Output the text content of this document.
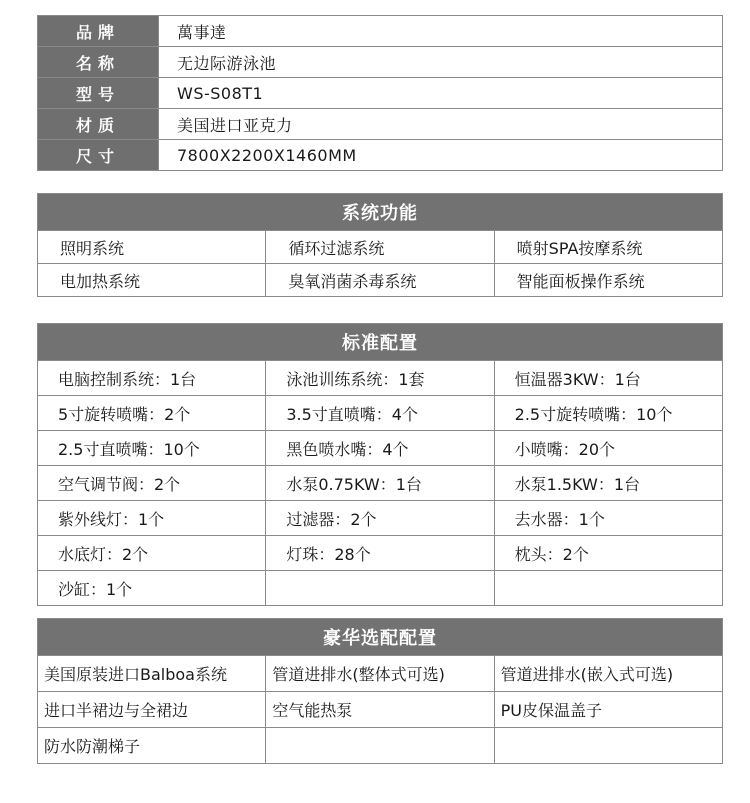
品牌	萬事達
名称	无边际游泳池
型号	WS-S08T1
材质	美国进口亚克力
尺寸	7800X2200X1460MM
系统功能		
照明系统	循环过滤系统	喷射SPA按摩系统
电加热系统	臭氧消菌杀毒系统	智能面板操作系统
标准配置		
电脑控制系统：1台	泳池训练系统：1套	恒温器3KW：1台
5寸旋转喷嘴：2个	3.5寸直喷嘴：4个	2.5寸旋转喷嘴：10个
2.5寸直喷嘴：10个	黑色喷水嘴：4个	小喷嘴：20个
空气调节阀：2个	水泵0.75KW：1台	水泵1.5KW：1台
紫外线灯：1个	过滤器：2个	去水器：1个
水底灯：2个	灯珠：28个	枕头：2个
沙缸：1个		
豪华选配配置		
美国原装进口Balboa系统	管道进排水(整体式可选)	管道进排水(嵌入式可选)
进口半裙边与全裙边	空气能热泵	PU皮保温盖子
防水防潮梯子		
